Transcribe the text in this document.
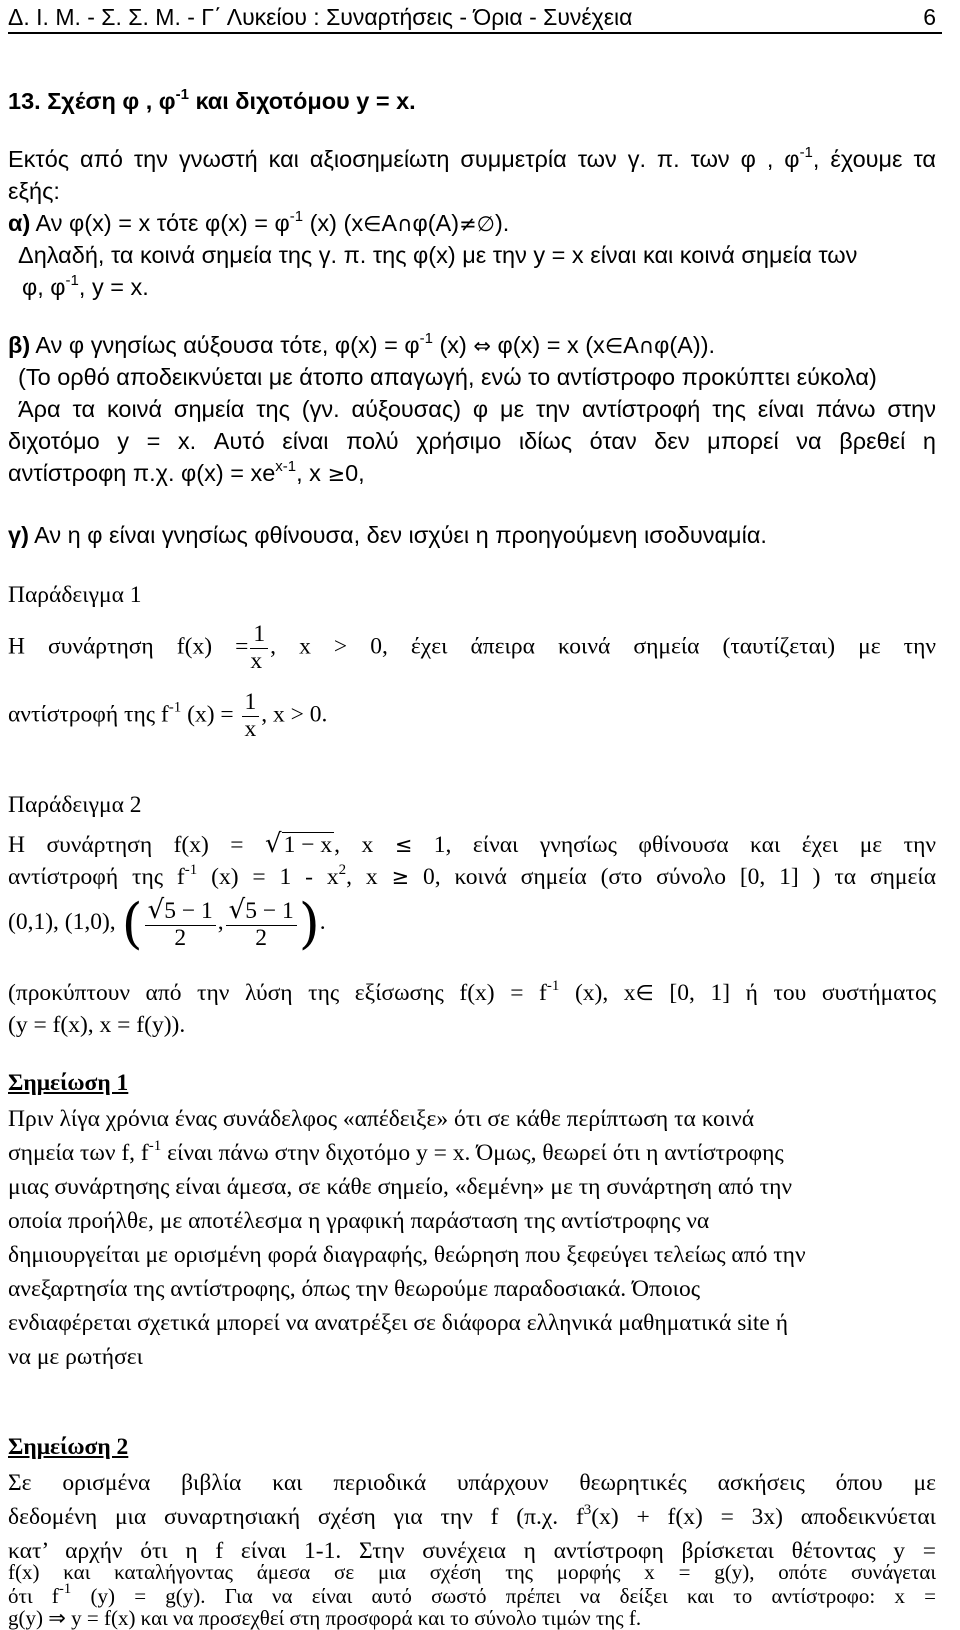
Δ. Ι. Μ. - Σ. Σ. Μ. - Γ΄ Λυκείου : Συναρτήσεις - Όρια - Συνέχεια	6
13. Σχέση φ , $\varphi^{-1}$ και διχοτόμου y = x.
Εκτός από την γνωστή και αξιοσημείωτη συμμετρία των γ. π. των φ , $\varphi^{-1}$, έχουμε τα
εξής:
α) Αν φ(x) = x τότε $\varphi(x) = \varphi^{-1}$ (x) (x∈A∩φ(A)≠∅).
Δηλαδή, τα κοινά σημεία της γ. π. της φ(x) με την y = x είναι και κοινά σημεία των
φ, $\varphi^{-1}$, y = x.
β) Αν φ γνησίως αύξουσα τότε, $\varphi(x) = \varphi^{-1}$ (x) ⇔ φ(x) = x (x∈A∩φ(A)).
(Το ορθό αποδεικνύεται με άτοπο απαγωγή, ενώ το αντίστροφο προκύπτει εύκολα)
Άρα τα κοινά σημεία της (γν. αύξουσας) φ με την αντίστροφή της είναι πάνω στην
διχοτόμο y = x. Αυτό είναι πολύ χρήσιμο ιδίως όταν δεν μπορεί να βρεθεί η
αντίστροφη π.χ. $\varphi(x) = xe^{x-1}$, x ≥0,
γ) Αν η φ είναι γνησίως φθίνουσα, δεν ισχύει η προηγούμενη ισοδυναμία.
Παράδειγμα 1
Η συνάρτηση $f(x) = \frac{1}{x}$ , x > 0, έχει άπειρα κοινά σημεία (ταυτίζεται) με την
αντίστροφή της $f^{-1}$ $(x) = \frac{1}{x}$ , x > 0.
Παράδειγμα 2
Η συνάρτηση f(x) = √1 − x, x ≤ 1, είναι γνησίως φθίνουσα και έχει με την
αντίστροφή της $f^{-1}$ $(x) = 1 - x^2$, x ≥ 0, κοινά σημεία (στο σύνολο [0, 1] ) τα σημεία
(0,1), (1,0), ( $\frac{√5 - 1}{2}$ , $\frac{√5 - 1}{2}$ ).
(προκύπτουν από την λύση της εξίσωσης $f(x) = f^{-1}$ (x), x∈ [0, 1] ή του συστήματος
(y = f(x), x = f(y)).
Σημείωση 1
Πριν λίγα χρόνια ένας συνάδελφος «απέδειξε» ότι σε κάθε περίπτωση τα κοινά
σημεία των f, $f^{-1}$ είναι πάνω στην διχοτόμο y = x. Όμως, θεωρεί ότι η αντίστροφης
μιας συνάρτησης είναι άμεσα, σε κάθε σημείο, «δεμένη» με τη συνάρτηση από την
οποία προήλθε, με αποτέλεσμα η γραφική παράσταση της αντίστροφης να
δημιουργείται με ορισμένη φορά διαγραφής, θεώρηση που ξεφεύγει τελείως από την
ανεξαρτησία της αντίστροφης, όπως την θεωρούμε παραδοσιακά. Όποιος
ενδιαφέρεται σχετικά μπορεί να ανατρέξει σε διάφορα ελληνικά μαθηματικά site ή
να με ρωτήσει
Σημείωση 2
Σε ορισμένα βιβλία και περιοδικά υπάρχουν θεωρητικές ασκήσεις όπου με
δεδομένη μια συναρτησιακή σχέση για την f (π.χ. $f^3(x) + f(x) = 3x$) αποδεικνύεται
κατ’ αρχήν ότι η f είναι 1-1. Στην συνέχεια η αντίστροφη βρίσκεται θέτοντας y =
f(x) και καταλήγοντας άμεσα σε μια σχέση της μορφής x = g(y), οπότε συνάγεται
ότι $f^{-1}$ (y) = g(y). Για να είναι αυτό σωστό πρέπει να δείξει και το αντίστροφο: x =
g(y) ⇒ y = f(x) και να προσεχθεί στη προσφορά και το σύνολο τιμών της f.
